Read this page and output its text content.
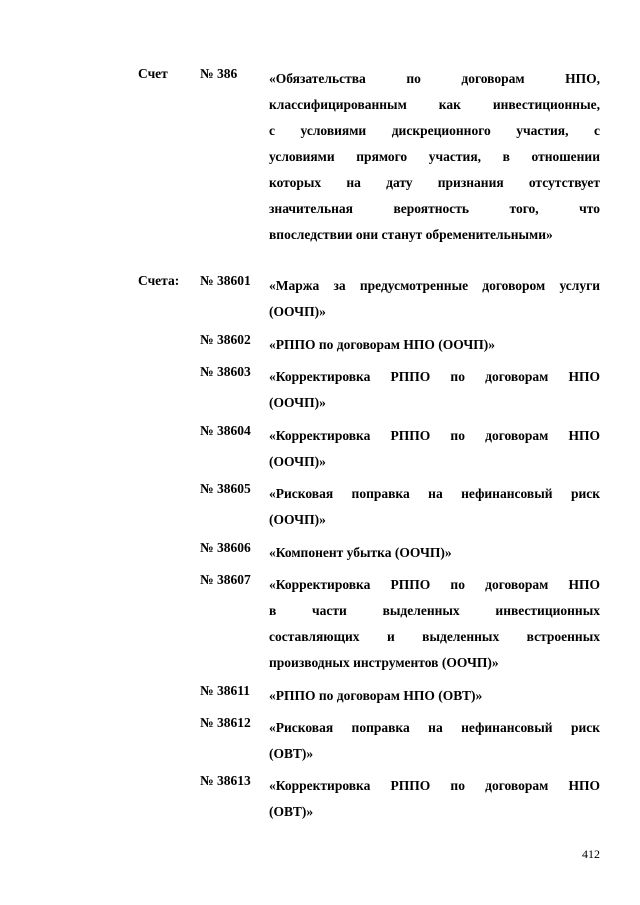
Счет № 386 «Обязательства по договорам НПО,
классифицированным как инвестиционные,
с условиями дискреционного участия, с
условиями прямого участия, в отношении
которых на дату признания отсутствует
значительная вероятность того, что
впоследствии они станут обременительными»
Счета: № 38601 «Маржа за предусмотренные договором услуги
(ООЧП)»
№ 38602 «РППО по договорам НПО (ООЧП)»
№ 38603 «Корректировка РППО по договорам НПО
(ООЧП)»
№ 38604 «Корректировка РППО по договорам НПО
(ООЧП)»
№ 38605 «Рисковая поправка на нефинансовый риск
(ООЧП)»
№ 38606 «Компонент убытка (ООЧП)»
№ 38607 «Корректировка РППО по договорам НПО
в части выделенных инвестиционных
составляющих и выделенных встроенных
производных инструментов (ООЧП)»
№ 38611 «РППО по договорам НПО (ОВТ)»
№ 38612 «Рисковая поправка на нефинансовый риск
(ОВТ)»
№ 38613 «Корректировка РППО по договорам НПО
(ОВТ)»
412
